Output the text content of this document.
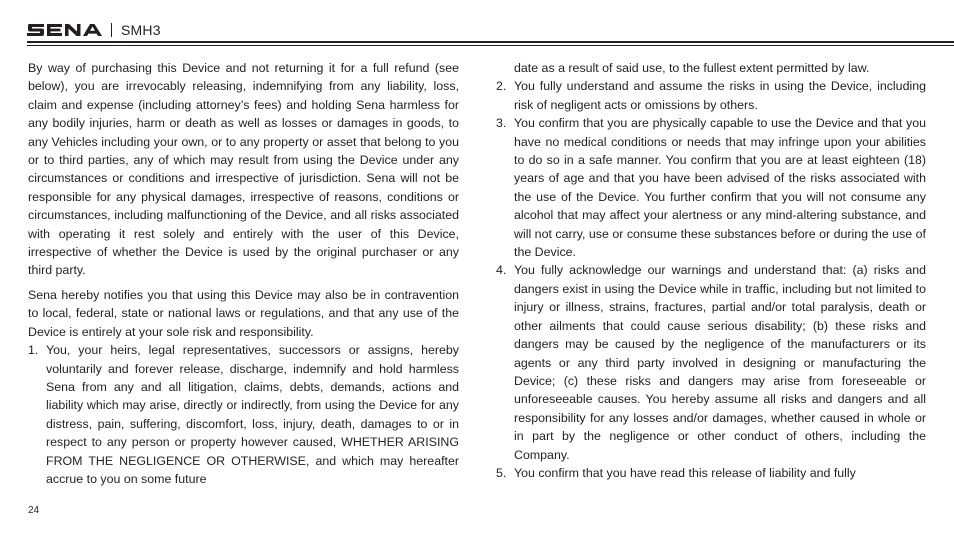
SMH3

By way of purchasing this Device and not returning it for a full refund (see below), you are irrevocably releasing, indemnifying from any liability, loss, claim and expense (including attorney’s fees) and holding Sena harmless for any bodily injuries, harm or death as well as losses or damages in goods, to any Vehicles including your own, or to any property or asset that belong to you or to third parties, any of which may result from using the Device under any circumstances or conditions and irrespective of jurisdiction. Sena will not be responsible for any physical damages, irrespective of reasons, conditions or circumstances, including malfunctioning of the Device, and all risks associated with operating it rest solely and entirely with the user of this Device, irrespective of whether the Device is used by the original purchaser or any third party.

Sena hereby notifies you that using this Device may also be in contravention to local, federal, state or national laws or regulations, and that any use of the Device is entirely at your sole risk and responsibility.

1. You, your heirs, legal representatives, successors or assigns, hereby voluntarily and forever release, discharge, indemnify and hold harmless Sena from any and all litigation, claims, debts, demands, actions and liability which may arise, directly or indirectly, from using the Device for any distress, pain, suffering, discomfort, loss, injury, death, damages to or in respect to any person or property however caused, WHETHER ARISING FROM THE NEGLIGENCE OR OTHERWISE, and which may hereafter accrue to you on some future
date as a result of said use, to the fullest extent permitted by law.
2. You fully understand and assume the risks in using the Device, including risk of negligent acts or omissions by others.
3. You confirm that you are physically capable to use the Device and that you have no medical conditions or needs that may infringe upon your abilities to do so in a safe manner. You confirm that you are at least eighteen (18) years of age and that you have been advised of the risks associated with the use of the Device. You further confirm that you will not consume any alcohol that may affect your alertness or any mind-altering substance, and will not carry, use or consume these substances before or during the use of the Device.
4. You fully acknowledge our warnings and understand that: (a) risks and dangers exist in using the Device while in traffic, including but not limited to injury or illness, strains, fractures, partial and/or total paralysis, death or other ailments that could cause serious disability; (b) these risks and dangers may be caused by the negligence of the manufacturers or its agents or any third party involved in designing or manufacturing the Device; (c) these risks and dangers may arise from foreseeable or unforeseeable causes. You hereby assume all risks and dangers and all responsibility for any losses and/or damages, whether caused in whole or in part by the negligence or other conduct of others, including the Company.
5. You confirm that you have read this release of liability and fully
24
